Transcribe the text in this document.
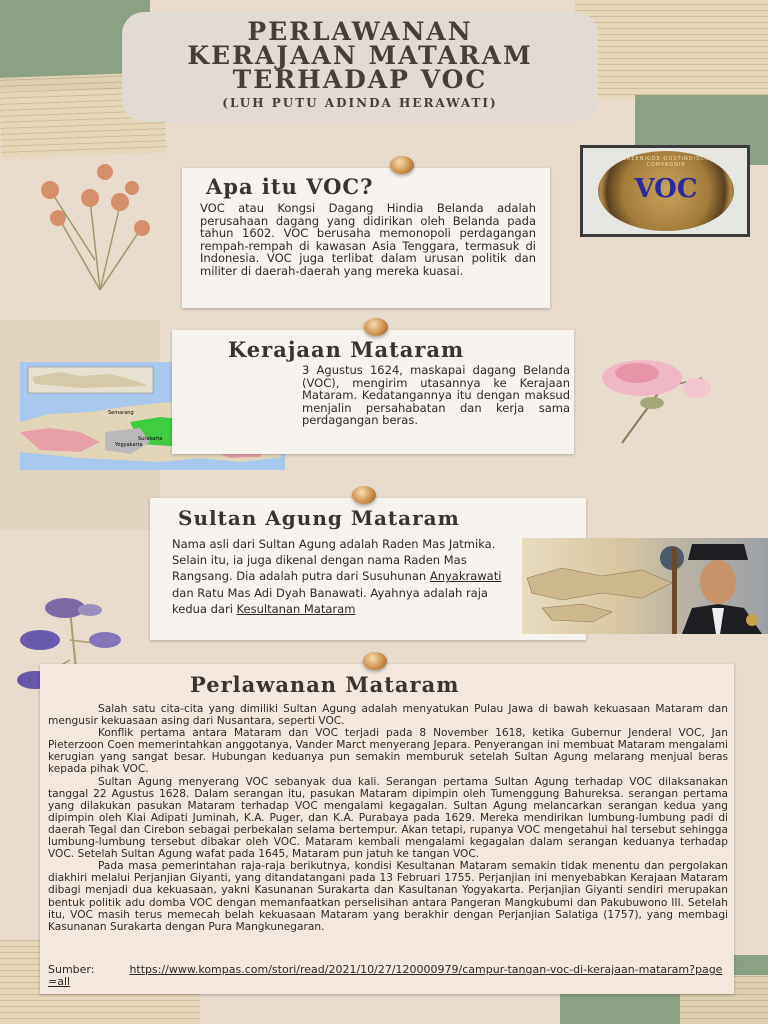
PERLAWANAN
KERAJAAN MATARAM
TERHADAP VOC
(LUH PUTU ADINDA HERAWATI)
Apa itu VOC?
VOC atau Kongsi Dagang Hindia Belanda adalah perusahaan dagang yang didirikan oleh Belanda pada tahun 1602. VOC berusaha memonopoli perdagangan rempah-rempah di kawasan Asia Tenggara, termasuk di Indonesia. VOC juga terlibat dalam urusan politik dan militer di daerah-daerah yang mereka kuasai.
VEREENIGDE OOSTINDISCHE COMPAGNIE
VOC
Semarang
Surakarta
Yogyakarta
Kerajaan Mataram
3 Agustus 1624, maskapai dagang Belanda (VOC), mengirim utasannya ke Kerajaan Mataram. Kedatangannya itu dengan maksud menjalin persahabatan dan kerja sama perdagangan beras.
Sultan Agung Mataram
Nama asli dari Sultan Agung adalah Raden Mas Jatmika. Selain itu, ia juga dikenal dengan nama Raden Mas Rangsang. Dia adalah putra dari Susuhunan Anyakrawati dan Ratu Mas Adi Dyah Banawati. Ayahnya adalah raja kedua dari Kesultanan Mataram
Perlawanan Mataram

Salah satu cita-cita yang dimiliki Sultan Agung adalah menyatukan Pulau Jawa di bawah kekuasaan Mataram dan mengusir kekuasaan asing dari Nusantara, seperti VOC.

Konflik pertama antara Mataram dan VOC terjadi pada 8 November 1618, ketika Gubernur Jenderal VOC, Jan Pieterzoon Coen memerintahkan anggotanya, Vander Marct menyerang Jepara. Penyerangan ini membuat Mataram mengalami kerugian yang sangat besar. Hubungan keduanya pun semakin memburuk setelah Sultan Agung melarang menjual beras kepada pihak VOC.

Sultan Agung menyerang VOC sebanyak dua kali. Serangan pertama Sultan Agung terhadap VOC dilaksanakan tanggal 22 Agustus 1628. Dalam serangan itu, pasukan Mataram dipimpin oleh Tumenggung Bahureksa. serangan pertama yang dilakukan pasukan Mataram terhadap VOC mengalami kegagalan. Sultan Agung melancarkan serangan kedua yang dipimpin oleh Kiai Adipati Juminah, K.A. Puger, dan K.A. Purabaya pada 1629. Mereka mendirikan lumbung-lumbung padi di daerah Tegal dan Cirebon sebagai perbekalan selama bertempur. Akan tetapi, rupanya VOC mengetahui hal tersebut sehingga lumbung-lumbung tersebut dibakar oleh VOC. Mataram kembali mengalami kegagalan dalam serangan keduanya terhadap VOC. Setelah Sultan Agung wafat pada 1645, Mataram pun jatuh ke tangan VOC.

Pada masa pemerintahan raja-raja berikutnya, kondisi Kesultanan Mataram semakin tidak menentu dan pergolakan diakhiri melalui Perjanjian Giyanti, yang ditandatangani pada 13 Februari 1755. Perjanjian ini menyebabkan Kerajaan Mataram dibagi menjadi dua kekuasaan, yakni Kasunanan Surakarta dan Kasultanan Yogyakarta. Perjanjian Giyanti sendiri merupakan bentuk politik adu domba VOC dengan memanfaatkan perselisihan antara Pangeran Mangkubumi dan Pakubuwono III. Setelah itu, VOC masih terus memecah belah kekuasaan Mataram yang berakhir dengan Perjanjian Salatiga (1757), yang membagi Kasunanan Surakarta dengan Pura Mangkunegaran.

Sumber:	https://www.kompas.com/stori/read/2021/10/27/120000979/campur-tangan-voc-di-kerajaan-mataram?page=all
